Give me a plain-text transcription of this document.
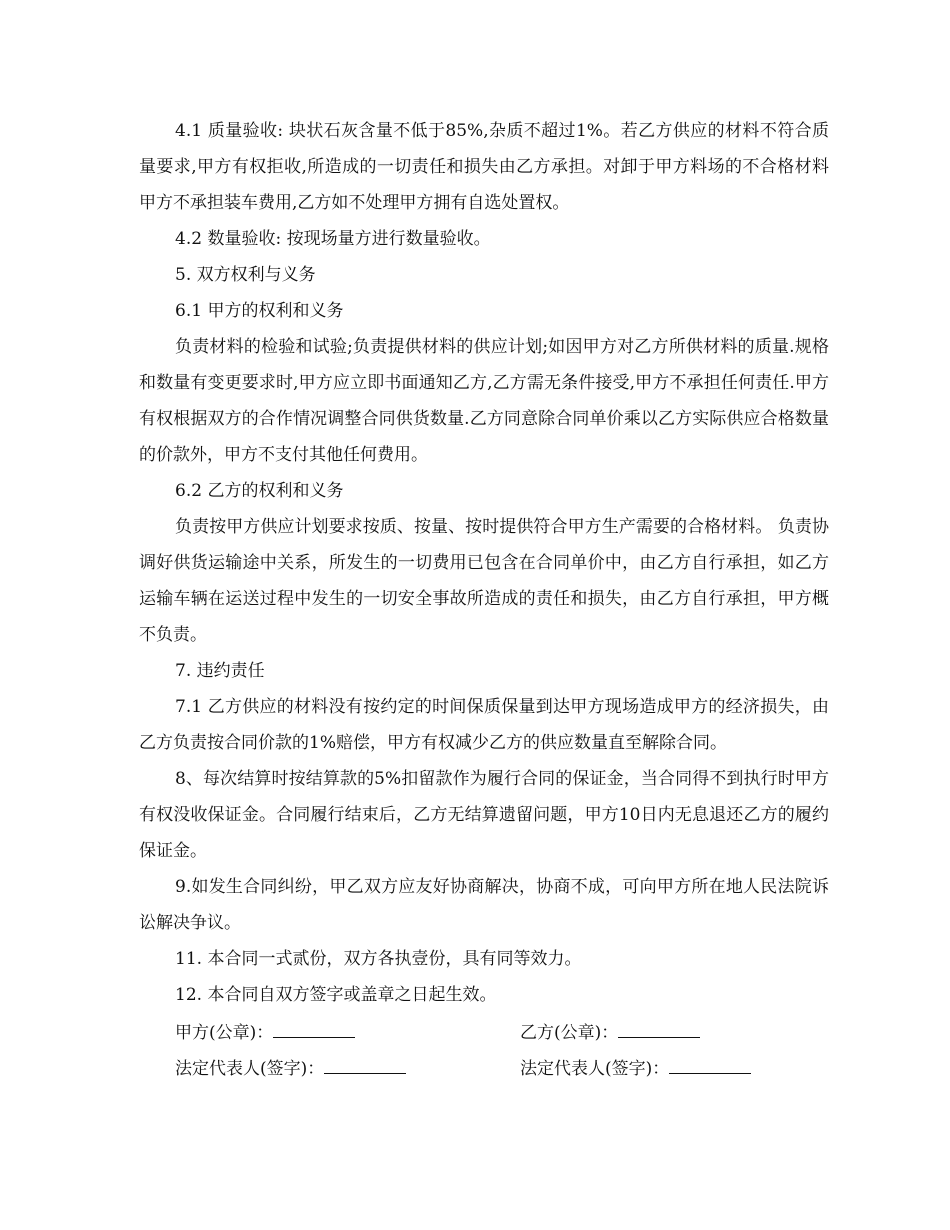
4.1 质量验收: 块状石灰含量不低于85%,杂质不超过1%。若乙方供应的材料不符合质量要求,甲方有权拒收,所造成的一切责任和损失由乙方承担。对卸于甲方料场的不合格材料甲方不承担装车费用,乙方如不处理甲方拥有自选处置权。

4.2 数量验收: 按现场量方进行数量验收。

5. 双方权利与义务

6.1 甲方的权利和义务

负责材料的检验和试验;负责提供材料的供应计划;如因甲方对乙方所供材料的质量.规格和数量有变更要求时,甲方应立即书面通知乙方,乙方需无条件接受,甲方不承担任何责任.甲方有权根据双方的合作情况调整合同供货数量.乙方同意除合同单价乘以乙方实际供应合格数量的价款外，甲方不支付其他任何费用。

6.2 乙方的权利和义务

负责按甲方供应计划要求按质、按量、按时提供符合甲方生产需要的合格材料。 负责协调好供货运输途中关系，所发生的一切费用已包含在合同单价中，由乙方自行承担，如乙方运输车辆在运送过程中发生的一切安全事故所造成的责任和损失，由乙方自行承担，甲方概不负责。

7. 违约责任

7.1 乙方供应的材料没有按约定的时间保质保量到达甲方现场造成甲方的经济损失，由乙方负责按合同价款的1%赔偿，甲方有权减少乙方的供应数量直至解除合同。

8、每次结算时按结算款的5%扣留款作为履行合同的保证金，当合同得不到执行时甲方有权没收保证金。合同履行结束后，乙方无结算遗留问题，甲方10日内无息退还乙方的履约保证金。

9.如发生合同纠纷，甲乙双方应友好协商解决，协商不成，可向甲方所在地人民法院诉讼解决争议。

11. 本合同一式贰份，双方各执壹份，具有同等效力。

12. 本合同自双方签字或盖章之日起生效。

甲方(公章)：	乙方(公章)：
法定代表人(签字)：	法定代表人(签字)：
